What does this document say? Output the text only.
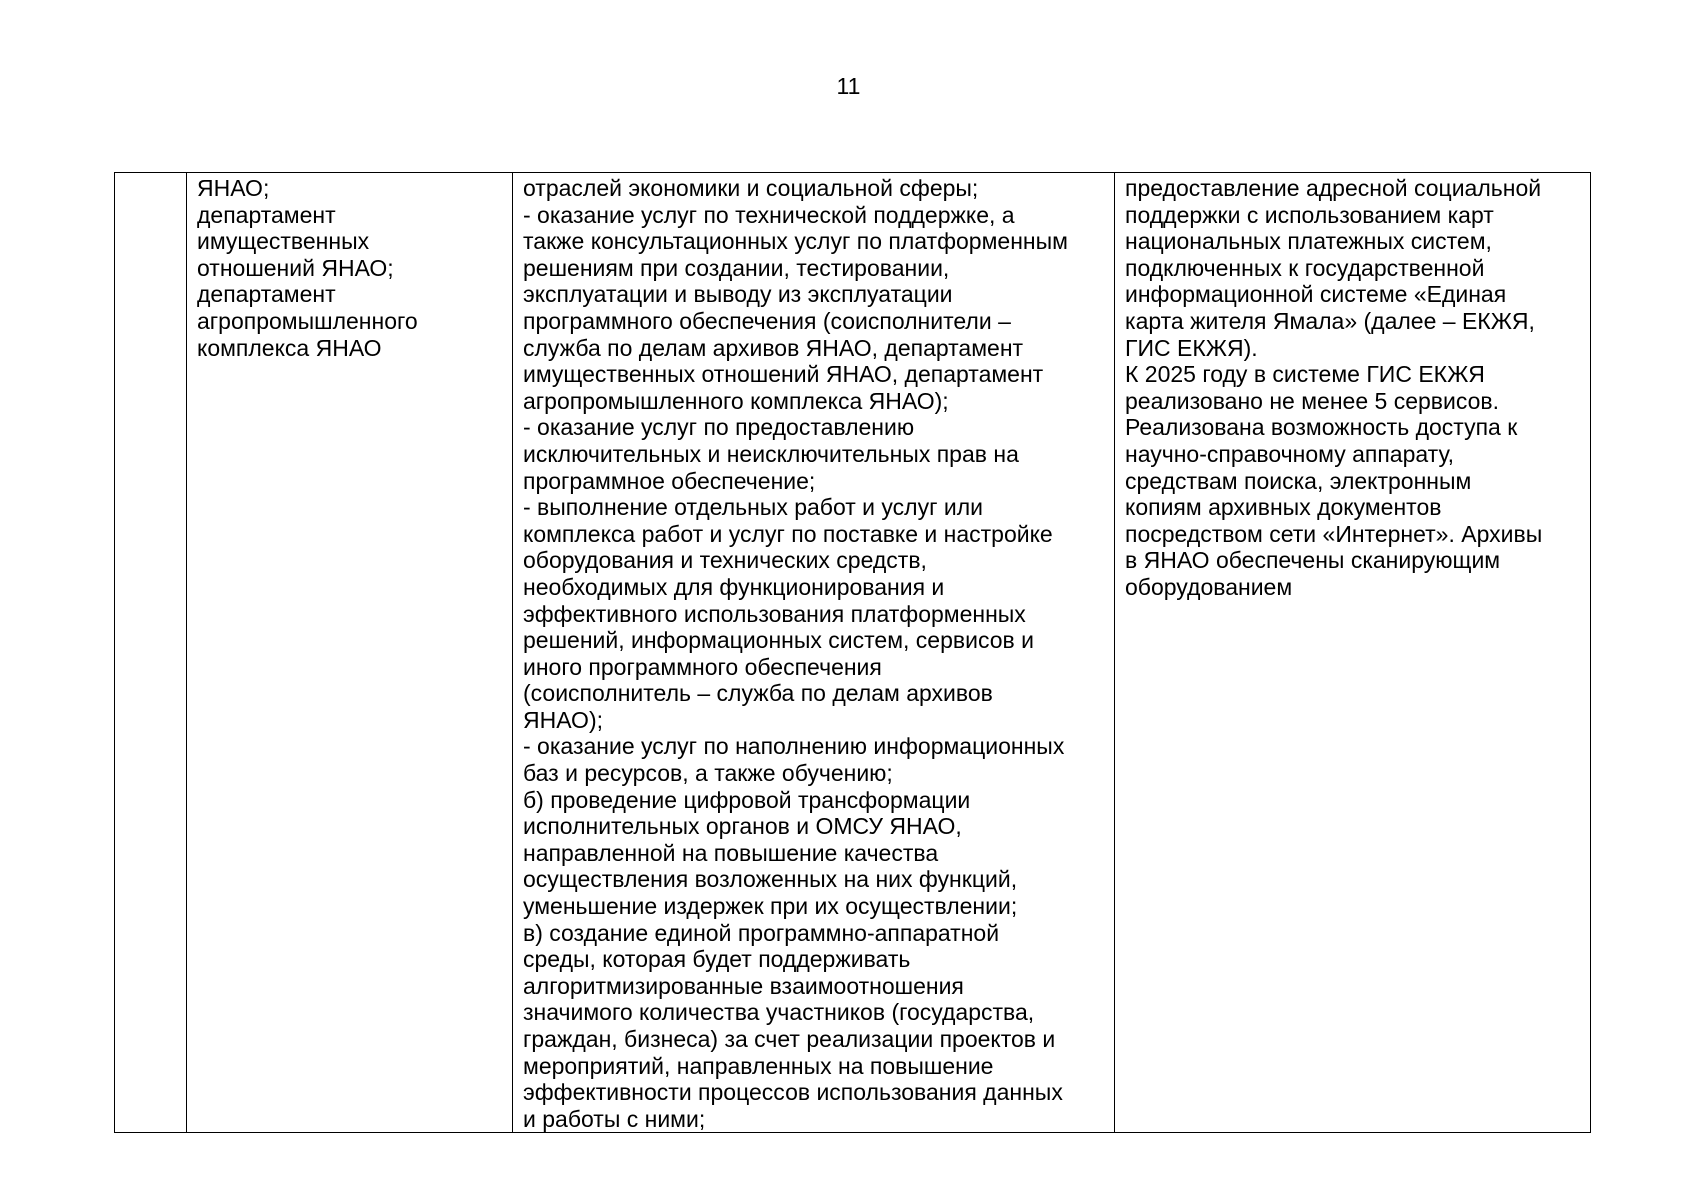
11
	ЯНАО;
департамент
имущественных
отношений ЯНАО;
департамент
агропромышленного
комплекса ЯНАО	отраслей экономики и социальной сферы;
- оказание услуг по технической поддержке, а
также консультационных услуг по платформенным
решениям при создании, тестировании,
эксплуатации и выводу из эксплуатации
программного обеспечения (соисполнители –
служба по делам архивов ЯНАО, департамент
имущественных отношений ЯНАО, департамент
агропромышленного комплекса ЯНАО);
- оказание услуг по предоставлению
исключительных и неисключительных прав на
программное обеспечение;
- выполнение отдельных работ и услуг или
комплекса работ и услуг по поставке и настройке
оборудования и технических средств,
необходимых для функционирования и
эффективного использования платформенных
решений, информационных систем, сервисов и
иного программного обеспечения
(соисполнитель – служба по делам архивов
ЯНАО);
- оказание услуг по наполнению информационных
баз и ресурсов, а также обучению;
б) проведение цифровой трансформации
исполнительных органов и ОМСУ ЯНАО,
направленной на повышение качества
осуществления возложенных на них функций,
уменьшение издержек при их осуществлении;
в) создание единой программно-аппаратной
среды, которая будет поддерживать
алгоритмизированные взаимоотношения
значимого количества участников (государства,
граждан, бизнеса) за счет реализации проектов и
мероприятий, направленных на повышение
эффективности процессов использования данных
и работы с ними;	предоставление адресной социальной
поддержки с использованием карт
национальных платежных систем,
подключенных к государственной
информационной системе «Единая
карта жителя Ямала» (далее – ЕКЖЯ,
ГИС ЕКЖЯ).
К 2025 году в системе ГИС ЕКЖЯ
реализовано не менее 5 сервисов.
Реализована возможность доступа к
научно-справочному аппарату,
средствам поиска, электронным
копиям архивных документов
посредством сети «Интернет». Архивы
в ЯНАО обеспечены сканирующим
оборудованием
